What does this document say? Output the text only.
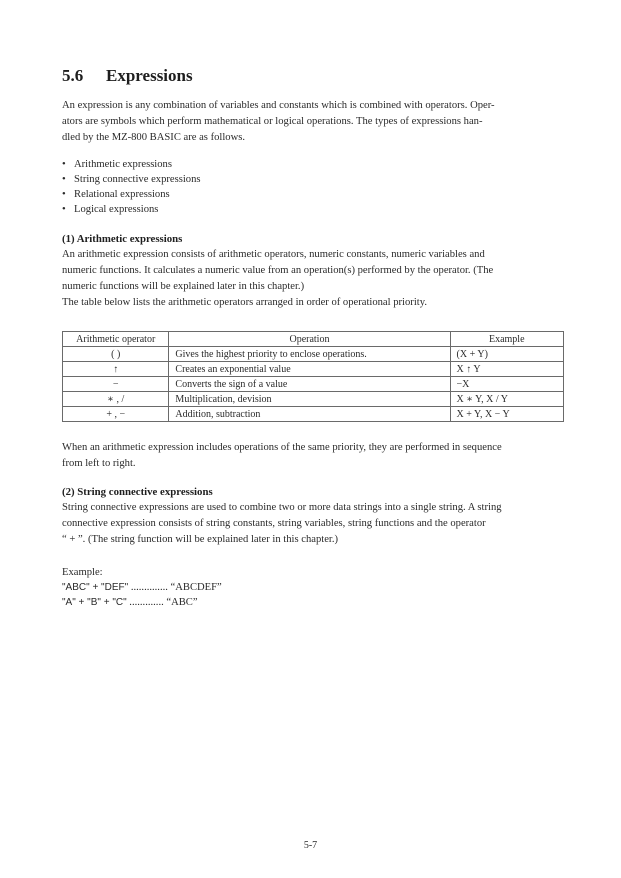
5.6 Expressions
An expression is any combination of variables and constants which is combined with operators. Oper-
ators are symbols which perform mathematical or logical operations. The types of expressions han-
dled by the MZ-800 BASIC are as follows.
• Arithmetic expressions
• String connective expressions
• Relational expressions
• Logical expressions
(1) Arithmetic expressions
An arithmetic expression consists of arithmetic operators, numeric constants, numeric variables and
numeric functions. It calculates a numeric value from an operation(s) performed by the operator. (The
numeric functions will be explained later in this chapter.)
The table below lists the arithmetic operators arranged in order of operational priority.
Arithmetic operator	Operation	Example
( )	Gives the highest priority to enclose operations.	(X + Y)
↑	Creates an exponential value	X ↑ Y
−	Converts the sign of a value	−X
∗ , /	Multiplication, devision	X ∗ Y, X / Y
+ , −	Addition, subtraction	X + Y, X − Y
When an arithmetic expression includes operations of the same priority, they are performed in sequence
from left to right.
(2) String connective expressions
String connective expressions are used to combine two or more data strings into a single string. A string
connective expression consists of string constants, string variables, string functions and the operator
“ + ”. (The string function will be explained later in this chapter.)
Example:
"ABC" + "DEF" .............. “ABCDEF”
"A" + "B" + "C" ............. “ABC”
5-7
